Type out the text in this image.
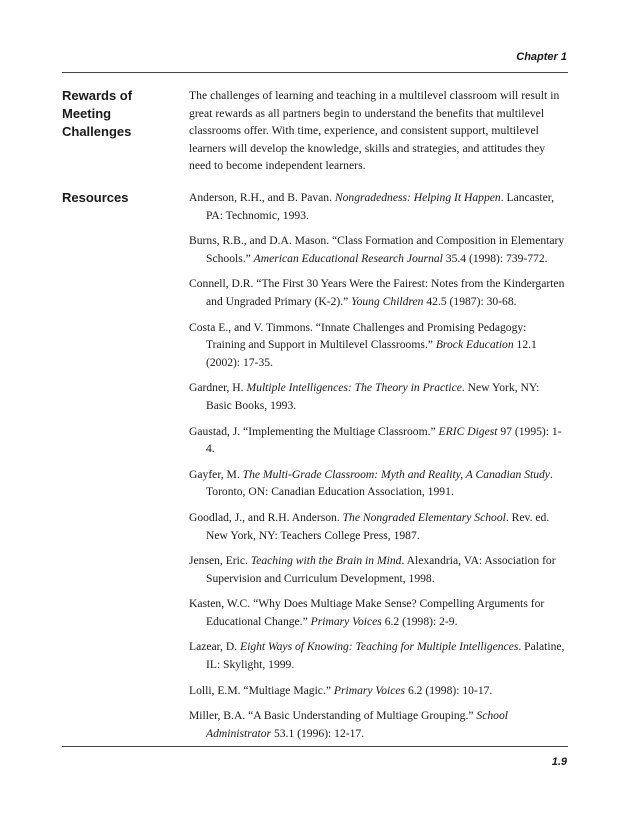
Chapter 1
Rewards of
Meeting
Challenges

The challenges of learning and teaching in a multilevel classroom will result in great rewards as all partners begin to understand the benefits that multilevel classrooms offer. With time, experience, and consistent support, multilevel learners will develop the knowledge, skills and strategies, and attitudes they need to become independent learners.

Resources	Anderson, R.H., and B. Pavan. Nongradedness: Helping It Happen. Lancaster, PA: Technomic, 1993.
Burns, R.B., and D.A. Mason. “Class Formation and Composition in Elementary Schools.” American Educational Research Journal 35.4 (1998): 739-772.
Connell, D.R. “The First 30 Years Were the Fairest: Notes from the Kindergarten and Ungraded Primary (K-2).” Young Children 42.5 (1987): 30-68.
Costa E., and V. Timmons. “Innate Challenges and Promising Pedagogy: Training and Support in Multilevel Classrooms.” Brock Education 12.1 (2002): 17-35.
Gardner, H. Multiple Intelligences: The Theory in Practice. New York, NY: Basic Books, 1993.
Gaustad, J. “Implementing the Multiage Classroom.” ERIC Digest 97 (1995): 1-4.
Gayfer, M. The Multi-Grade Classroom: Myth and Reality, A Canadian Study. Toronto, ON: Canadian Education Association, 1991.
Goodlad, J., and R.H. Anderson. The Nongraded Elementary School. Rev. ed. New York, NY: Teachers College Press, 1987.
Jensen, Eric. Teaching with the Brain in Mind. Alexandria, VA: Association for Supervision and Curriculum Development, 1998.
Kasten, W.C. “Why Does Multiage Make Sense? Compelling Arguments for Educational Change.” Primary Voices 6.2 (1998): 2-9.
Lazear, D. Eight Ways of Knowing: Teaching for Multiple Intelligences. Palatine, IL: Skylight, 1999.
Lolli, E.M. “Multiage Magic.” Primary Voices 6.2 (1998): 10-17.
Miller, B.A. “A Basic Understanding of Multiage Grouping.” School Administrator 53.1 (1996): 12-17.
1.9
